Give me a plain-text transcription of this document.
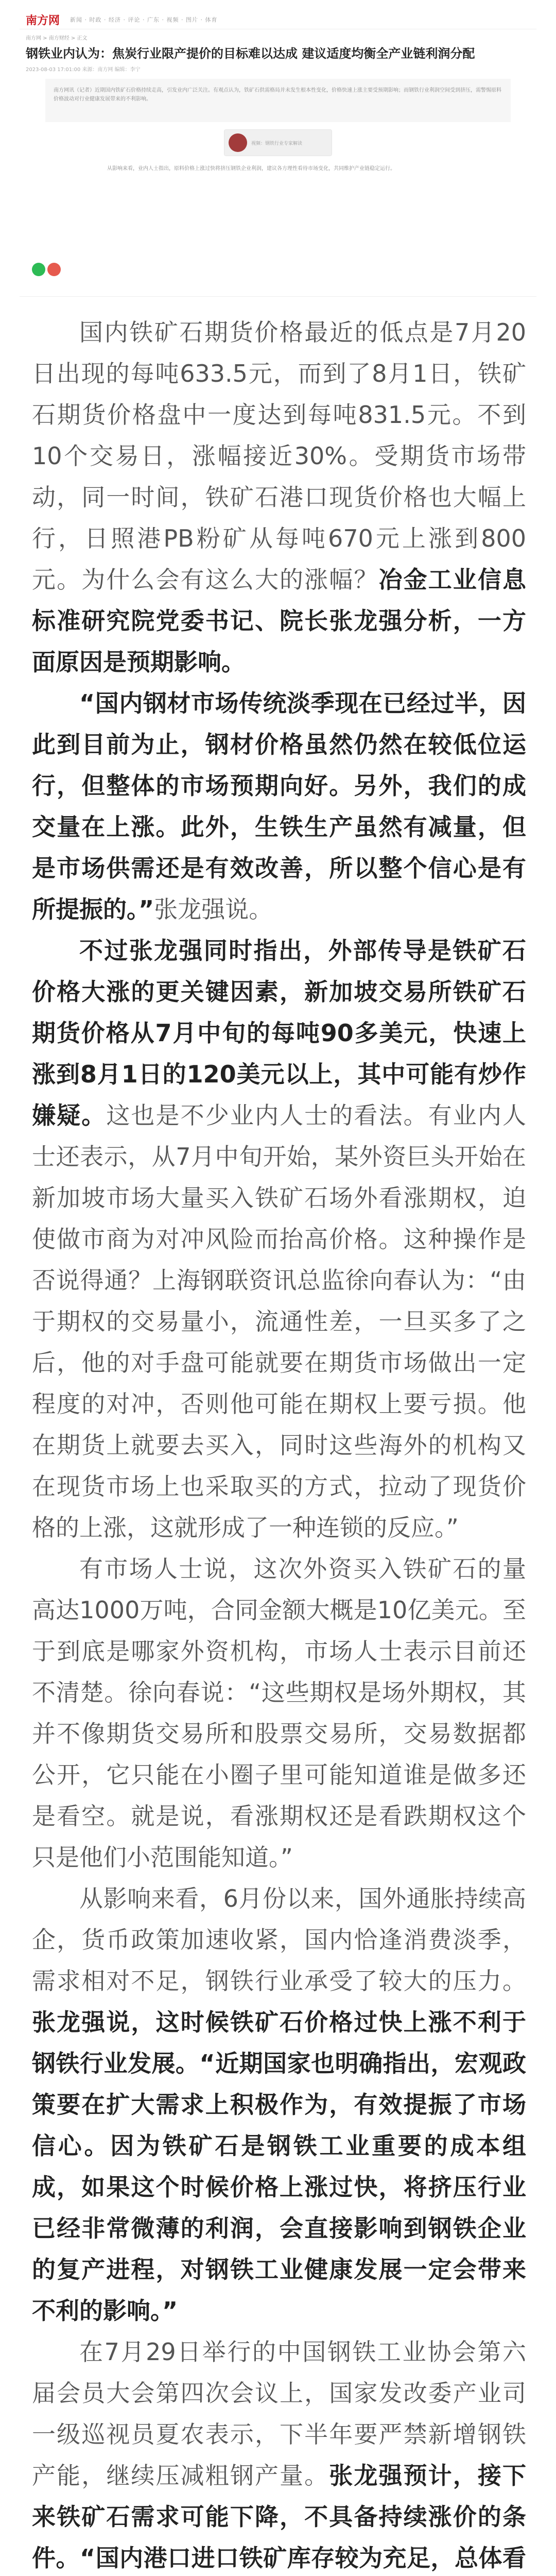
南方网 新闻 · 时政 · 经济 · 评论 · 广东 · 视频 · 图片 · 体育
南方网 > 南方财经 > 正文
钢铁业内认为：焦炭行业限产提价的目标难以达成 建议适度均衡全产业链利润分配
2023-08-03 17:01:00 来源：南方网 编辑：李宁
南方网讯（记者）近期国内铁矿石价格持续走高，引发业内广泛关注。有观点认为，铁矿石供需格局并未发生根本性变化，价格快速上涨主要受预期影响；而钢铁行业利润空间受到挤压，需警惕原料价格波动对行业健康发展带来的不利影响。
视频：钢铁行业专家解读
从影响来看，业内人士指出，原料价格上涨过快将挤压钢铁企业利润，建议各方理性看待市场变化，共同维护产业链稳定运行。

国内铁矿石期货价格最近的低点是7月20日出现的每吨633.5元，而到了8月1日，铁矿石期货价格盘中一度达到每吨831.5元。不到10个交易日，涨幅接近30%。受期货市场带动，同一时间，铁矿石港口现货价格也大幅上行，日照港PB粉矿从每吨670元上涨到800元。为什么会有这么大的涨幅？冶金工业信息标准研究院党委书记、院长张龙强分析，一方面原因是预期影响。

“国内钢材市场传统淡季现在已经过半，因此到目前为止，钢材价格虽然仍然在较低位运行，但整体的市场预期向好。另外，我们的成交量在上涨。此外，生铁生产虽然有减量，但是市场供需还是有效改善，所以整个信心是有所提振的。”张龙强说。

不过张龙强同时指出，外部传导是铁矿石价格大涨的更关键因素，新加坡交易所铁矿石期货价格从7月中旬的每吨90多美元，快速上涨到8月1日的120美元以上，其中可能有炒作嫌疑。这也是不少业内人士的看法。有业内人士还表示，从7月中旬开始，某外资巨头开始在新加坡市场大量买入铁矿石场外看涨期权，迫使做市商为对冲风险而抬高价格。这种操作是否说得通？上海钢联资讯总监徐向春认为：“由于期权的交易量小，流通性差，一旦买多了之后，他的对手盘可能就要在期货市场做出一定程度的对冲，否则他可能在期权上要亏损。他在期货上就要去买入，同时这些海外的机构又在现货市场上也采取买的方式，拉动了现货价格的上涨，这就形成了一种连锁的反应。”

有市场人士说，这次外资买入铁矿石的量高达1000万吨，合同金额大概是10亿美元。至于到底是哪家外资机构，市场人士表示目前还不清楚。徐向春说：“这些期权是场外期权，其并不像期货交易所和股票交易所，交易数据都公开，它只能在小圈子里可能知道谁是做多还是看空。就是说，看涨期权还是看跌期权这个只是他们小范围能知道。”

从影响来看，6月份以来，国外通胀持续高企，货币政策加速收紧，国内恰逢消费淡季，需求相对不足，钢铁行业承受了较大的压力。张龙强说，这时候铁矿石价格过快上涨不利于钢铁行业发展。“近期国家也明确指出，宏观政策要在扩大需求上积极作为，有效提振了市场信心。因为铁矿石是钢铁工业重要的成本组成，如果这个时候价格上涨过快，将挤压行业已经非常微薄的利润，会直接影响到钢铁企业的复产进程，对钢铁工业健康发展一定会带来不利的影响。”

在7月29日举行的中国钢铁工业协会第六届会员大会第四次会议上，国家发改委产业司一级巡视员夏农表示，下半年要严禁新增钢铁产能，继续压减粗钢产量。张龙强预计，接下来铁矿石需求可能下降，不具备持续涨价的条件。“国内港口进口铁矿库存较为充足，总体看
